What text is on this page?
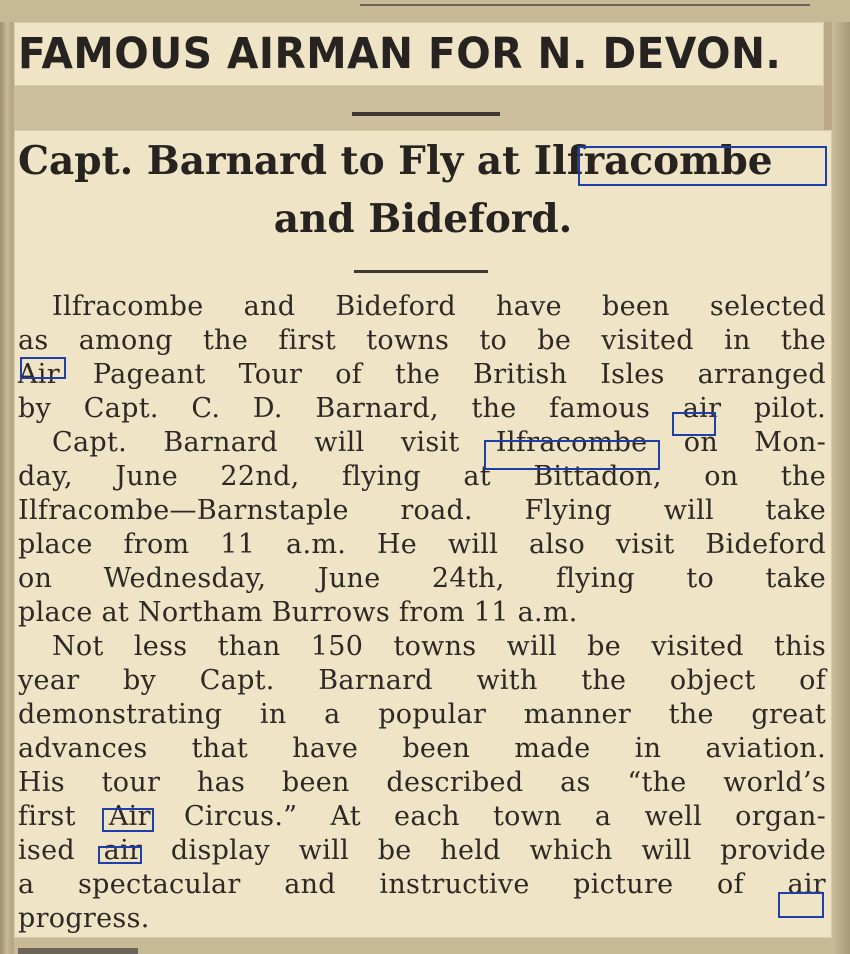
FAMOUS AIRMAN FOR N. DEVON.
Capt. Barnard to Fly at Ilfracombe
and Bideford.

Ilfracombe and Bideford have been selected

as among the first towns to be visited in the

Air Pageant Tour of the British Isles arranged

by Capt. C. D. Barnard, the famous air pilot.

Capt. Barnard will visit Ilfracombe on Mon-

day, June 22nd, flying at Bittadon, on the

Ilfracombe—Barnstaple road. Flying will take

place from 11 a.m. He will also visit Bideford

on Wednesday, June 24th, flying to take

place at Northam Burrows from 11 a.m.

Not less than 150 towns will be visited this

year by Capt. Barnard with the object of

demonstrating in a popular manner the great

advances that have been made in aviation.

His tour has been described as “the world’s

first Air Circus.” At each town a well organ-

ised air display will be held which will provide

a spectacular and instructive picture of air

progress.
